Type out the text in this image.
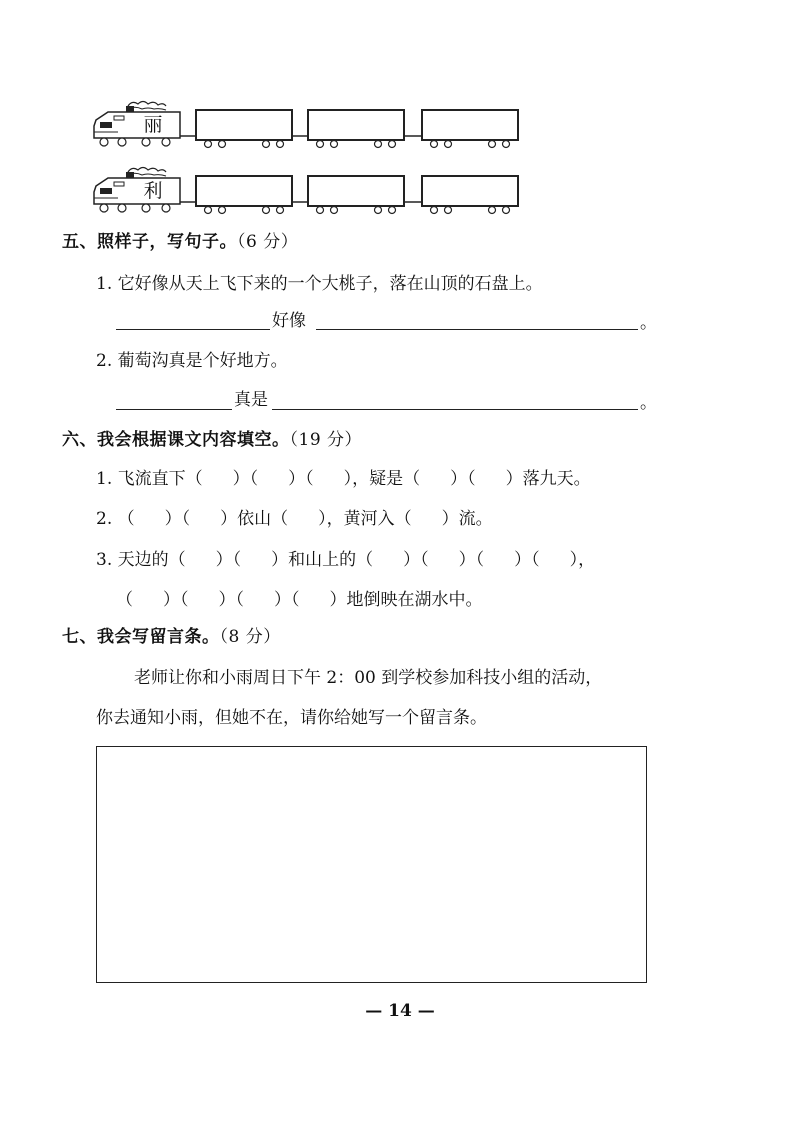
丽
利
五、照样子，写句子。（6 分）
1. 它好像从天上飞下来的一个大桃子，落在山顶的石盘上。
好像	。
2. 葡萄沟真是个好地方。
真是	。
六、我会根据课文内容填空。（19 分）
1. 飞流直下（ ）（ ）（ ），疑是（ ）（ ）落九天。
2. （ ）（ ）依山（ ），黄河入（ ）流。
3. 天边的（ ）（ ）和山上的（ ）（ ）（ ）（ ），
（ ）（ ）（ ）（ ）地倒映在湖水中。
七、我会写留言条。（8 分）
老师让你和小雨周日下午 2：00 到学校参加科技小组的活动，
你去通知小雨，但她不在，请你给她写一个留言条。
— 14 —
